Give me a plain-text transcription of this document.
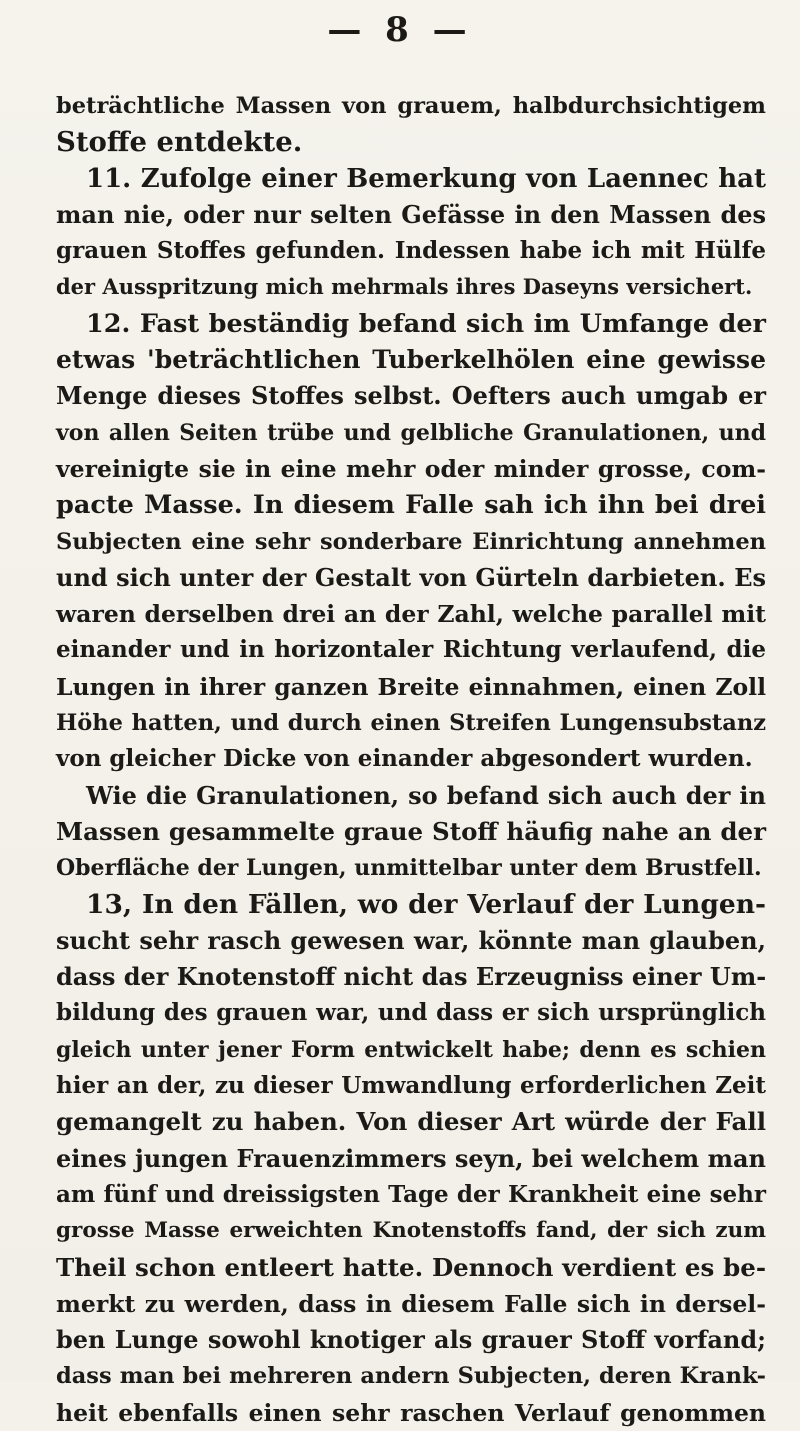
— 8 —
beträchtliche Massen von grauem, halbdurchsichtigem
Stoffe entdekte.
11. Zufolge einer Bemerkung von Laennec hat
man nie, oder nur selten Gefässe in den Massen des
grauen Stoffes gefunden. Indessen habe ich mit Hülfe
der Ausspritzung mich mehrmals ihres Daseyns versichert.
12. Fast beständig befand sich im Umfange der
etwas 'beträchtlichen Tuberkelhölen eine gewisse
Menge dieses Stoffes selbst. Oefters auch umgab er
von allen Seiten trübe und gelbliche Granulationen, und
vereinigte sie in eine mehr oder minder grosse, com-
pacte Masse. In diesem Falle sah ich ihn bei drei
Subjecten eine sehr sonderbare Einrichtung annehmen
und sich unter der Gestalt von Gürteln darbieten. Es
waren derselben drei an der Zahl, welche parallel mit
einander und in horizontaler Richtung verlaufend, die
Lungen in ihrer ganzen Breite einnahmen, einen Zoll
Höhe hatten, und durch einen Streifen Lungensubstanz
von gleicher Dicke von einander abgesondert wurden.
Wie die Granulationen, so befand sich auch der in
Massen gesammelte graue Stoff häufig nahe an der
Oberfläche der Lungen, unmittelbar unter dem Brustfell.
13, In den Fällen, wo der Verlauf der Lungen-
sucht sehr rasch gewesen war, könnte man glauben,
dass der Knotenstoff nicht das Erzeugniss einer Um-
bildung des grauen war, und dass er sich ursprünglich
gleich unter jener Form entwickelt habe; denn es schien
hier an der, zu dieser Umwandlung erforderlichen Zeit
gemangelt zu haben. Von dieser Art würde der Fall
eines jungen Frauenzimmers seyn, bei welchem man
am fünf und dreissigsten Tage der Krankheit eine sehr
grosse Masse erweichten Knotenstoffs fand, der sich zum
Theil schon entleert hatte. Dennoch verdient es be-
merkt zu werden, dass in diesem Falle sich in dersel-
ben Lunge sowohl knotiger als grauer Stoff vorfand;
dass man bei mehreren andern Subjecten, deren Krank-
heit ebenfalls einen sehr raschen Verlauf genommen
